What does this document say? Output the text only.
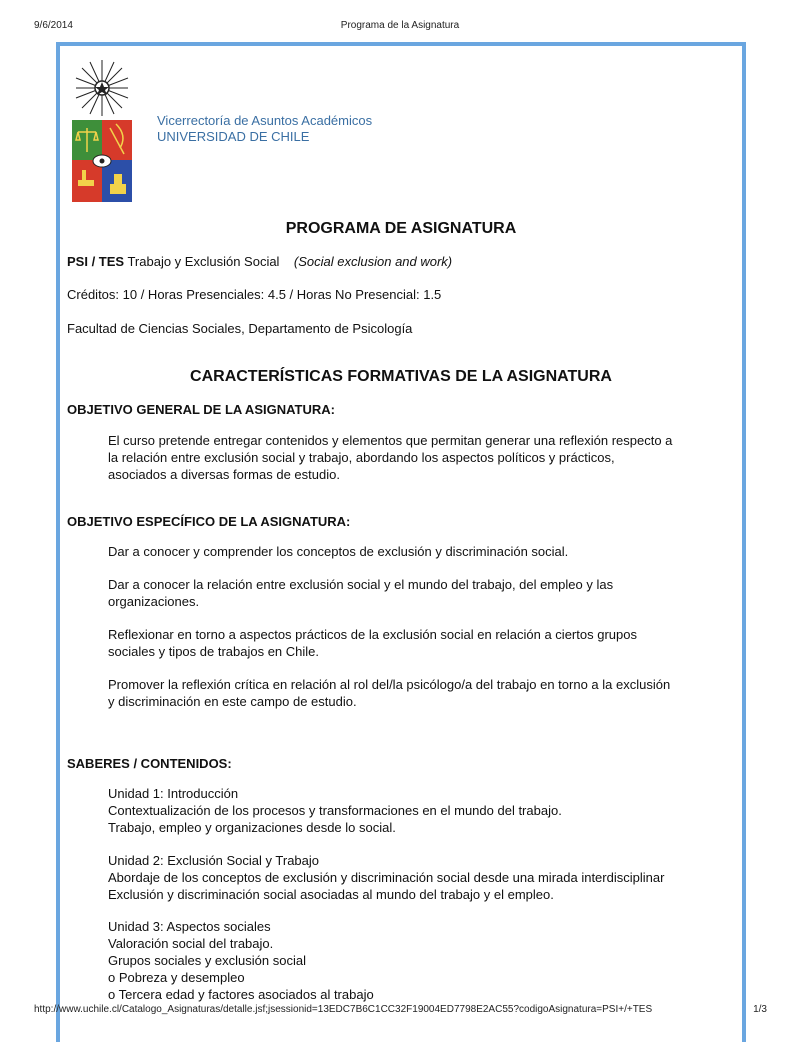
9/6/2014	Programa de la Asignatura
Vicerrectoría de Asuntos Académicos
UNIVERSIDAD DE CHILE
PROGRAMA DE ASIGNATURA
PSI / TES Trabajo y Exclusión Social (Social exclusion and work)
Créditos: 10 / Horas Presenciales: 4.5 / Horas No Presencial: 1.5
Facultad de Ciencias Sociales, Departamento de Psicología
CARACTERÍSTICAS FORMATIVAS DE LA ASIGNATURA
OBJETIVO GENERAL DE LA ASIGNATURA:
El curso pretende entregar contenidos y elementos que permitan generar una reflexión respecto a
la relación entre exclusión social y trabajo, abordando los aspectos políticos y prácticos,
asociados a diversas formas de estudio.
OBJETIVO ESPECÍFICO DE LA ASIGNATURA:
Dar a conocer y comprender los conceptos de exclusión y discriminación social.
Dar a conocer la relación entre exclusión social y el mundo del trabajo, del empleo y las
organizaciones.
Reflexionar en torno a aspectos prácticos de la exclusión social en relación a ciertos grupos
sociales y tipos de trabajos en Chile.
Promover la reflexión crítica en relación al rol del/la psicólogo/a del trabajo en torno a la exclusión
y discriminación en este campo de estudio.
SABERES / CONTENIDOS:
Unidad 1: Introducción
Contextualización de los procesos y transformaciones en el mundo del trabajo.
Trabajo, empleo y organizaciones desde lo social.
Unidad 2: Exclusión Social y Trabajo
Abordaje de los conceptos de exclusión y discriminación social desde una mirada interdisciplinar
Exclusión y discriminación social asociadas al mundo del trabajo y el empleo.
Unidad 3: Aspectos sociales
Valoración social del trabajo.
Grupos sociales y exclusión social
o Pobreza y desempleo
o Tercera edad y factores asociados al trabajo
http://www.uchile.cl/Catalogo_Asignaturas/detalle.jsf;jsessionid=13EDC7B6C1CC32F19004ED7798E2AC55?codigoAsignatura=PSI+/+TES	1/3
